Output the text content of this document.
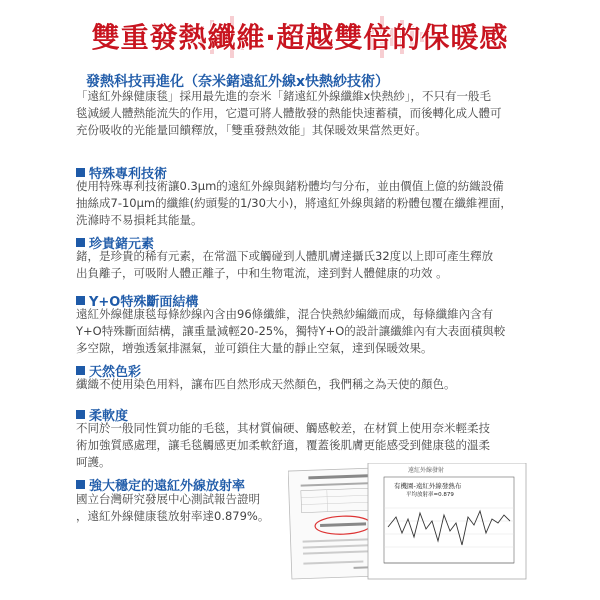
雙重發熱纖維‧超越雙倍的保暖感
發熱科技再進化（奈米鍺遠紅外線x快熱紗技術）
「遠紅外線健康毯」採用最先進的奈米「鍺遠紅外線纖維x快熱紗」，不只有一般毛
毯減緩人體熱能流失的作用，它還可將人體散發的熱能快速蓄積，而後轉化成人體可
充份吸收的光能量回饋釋放，「雙重發熱效能」其保暖效果當然更好。
特殊專利技術
使用特殊專利技術讓0.3μm的遠紅外線與鍺粉體均勻分布，並由價值上億的紡織設備
抽絲成7-10μm的纖維(約頭髮的1/30大小)，將遠紅外線與鍺的粉體包覆在纖維裡面，
洗滌時不易損耗其能量。
珍貴鍺元素
鍺，是珍貴的稀有元素，在常溫下或觸碰到人體肌膚達攝氏32度以上即可產生釋放
出負離子，可吸附人體正離子，中和生物電流，達到對人體健康的功效 。
Y+O特殊斷面結構
遠紅外線健康毯每條紗線內含由96條纖維，混合快熱紗編織而成，每條纖維內含有
Y+O特殊斷面結構，讓重量減輕20-25%，獨特Y+O的設計讓纖維內有大表面積與較
多空隙，增強透氣排濕氣，並可鎖住大量的靜止空氣，達到保暖效果。
天然色彩
纖織不使用染色用料，讓布匹自然形成天然顏色，我們稱之為天使的顏色。
柔軟度
不同於一般同性質功能的毛毯，其材質偏硬、觸感較差，在材質上使用奈米輕柔技
術加強質感處理，讓毛毯觸感更加柔軟舒適，覆蓋後肌膚更能感受到健康毯的溫柔
呵護。
強大穩定的遠紅外線放射率
國立台灣研究發展中心測試報告證明
，遠紅外線健康毯放射率達0.879%。
遠紅外線發射
有機園-遠紅外線發熱布
平均放射率=0.879
